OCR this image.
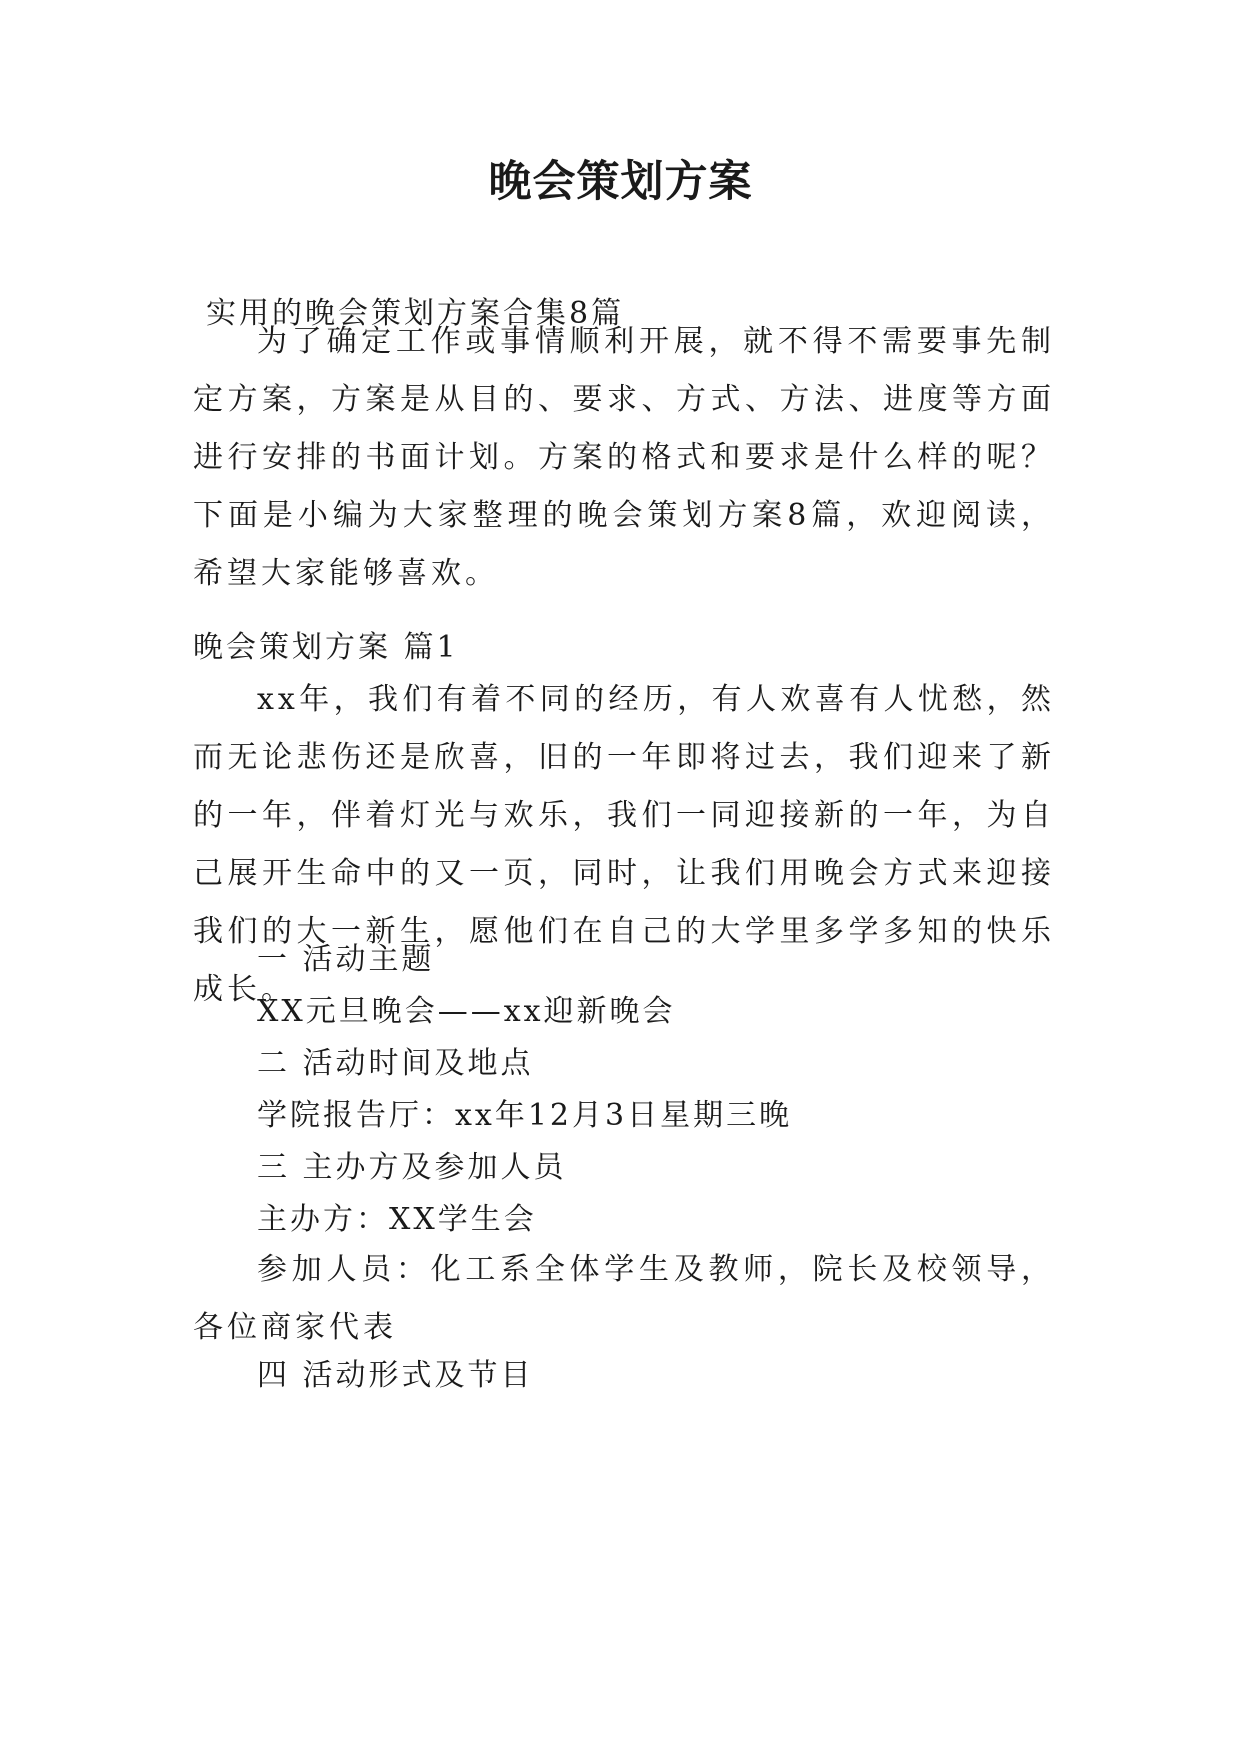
晚会策划方案

实用的晚会策划方案合集8篇

为了确定工作或事情顺利开展，就不得不需要事先制定方案，方案是从目的、要求、方式、方法、进度等方面进行安排的书面计划。方案的格式和要求是什么样的呢？下面是小编为大家整理的晚会策划方案8篇，欢迎阅读，希望大家能够喜欢。

晚会策划方案 篇1

xx年，我们有着不同的经历，有人欢喜有人忧愁，然而无论悲伤还是欣喜，旧的一年即将过去，我们迎来了新的一年，伴着灯光与欢乐，我们一同迎接新的一年，为自己展开生命中的又一页，同时，让我们用晚会方式来迎接我们的大一新生，愿他们在自己的大学里多学多知的快乐成长。

一 活动主题

XX元旦晚会——xx迎新晚会

二 活动时间及地点

学院报告厅：xx年12月3日星期三晚

三 主办方及参加人员

主办方：XX学生会

参加人员：化工系全体学生及教师，院长及校领导，各位商家代表

四 活动形式及节目
